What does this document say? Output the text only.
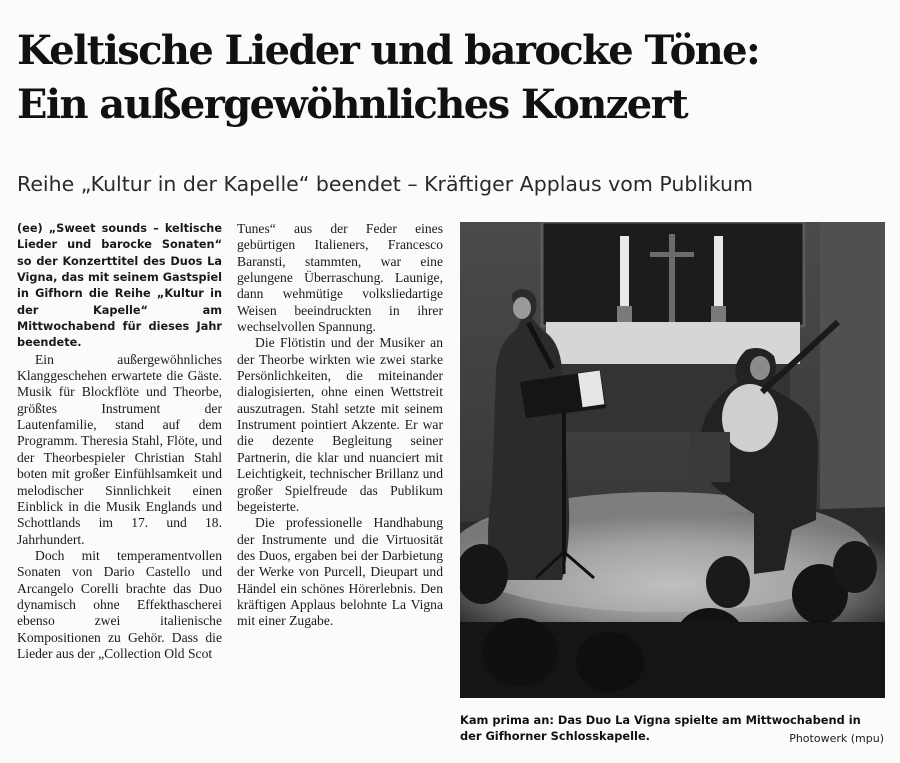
Keltische Lieder und barocke Töne:
Ein außergewöhnliches Konzert

Reihe „Kultur in der Kapelle“ beendet – Kräftiger Applaus vom Publikum

(ee) „Sweet sounds – keltische Lieder und barocke Sonaten“ so der Konzerttitel des Duos La Vigna, das mit seinem Gastspiel in Gifhorn die Reihe „Kultur in der Kapelle“ am Mittwochabend für dieses Jahr beendete.

Ein außergewöhnliches Klanggeschehen erwartete die Gäste. Musik für Blockflöte und Theorbe, größtes Instrument der Lautenfamilie, stand auf dem Programm. Theresia Stahl, Flöte, und der Theorbespieler Christian Stahl boten mit großer Einfühlsamkeit und melodischer Sinnlichkeit einen Einblick in die Musik Englands und Schottlands im 17. und 18. Jahrhundert.

Doch mit temperamentvollen Sonaten von Dario Castello und Arcangelo Corelli brachte das Duo dynamisch ohne Effekthascherei ebenso zwei italienische Kompositionen zu Gehör. Dass die Lieder aus der „Collection Old Scot

Tunes“ aus der Feder eines gebürtigen Italieners, Francesco Baransti, stammten, war eine gelungene Überraschung. Launige, dann wehmütige volksliedartige Weisen beeindruckten in ihrer wechselvollen Spannung.

Die Flötistin und der Musiker an der Theorbe wirkten wie zwei starke Persönlichkeiten, die miteinander dialogisierten, ohne einen Wettstreit auszutragen. Stahl setzte mit seinem Instrument pointiert Akzente. Er war die dezente Begleitung seiner Partnerin, die klar und nuanciert mit Leichtigkeit, technischer Brillanz und großer Spielfreude das Publikum begeisterte.

Die professionelle Handhabung der Instrumente und die Virtuosität des Duos, ergaben bei der Darbietung der Werke von Purcell, Dieupart und Händel ein schönes Hörerlebnis. Den kräftigen Applaus belohnte La Vigna mit einer Zugabe.

Kam prima an: Das Duo La Vigna spielte am Mittwochabend in der Gifhorner Schlosskapelle.	Photowerk (mpu)
